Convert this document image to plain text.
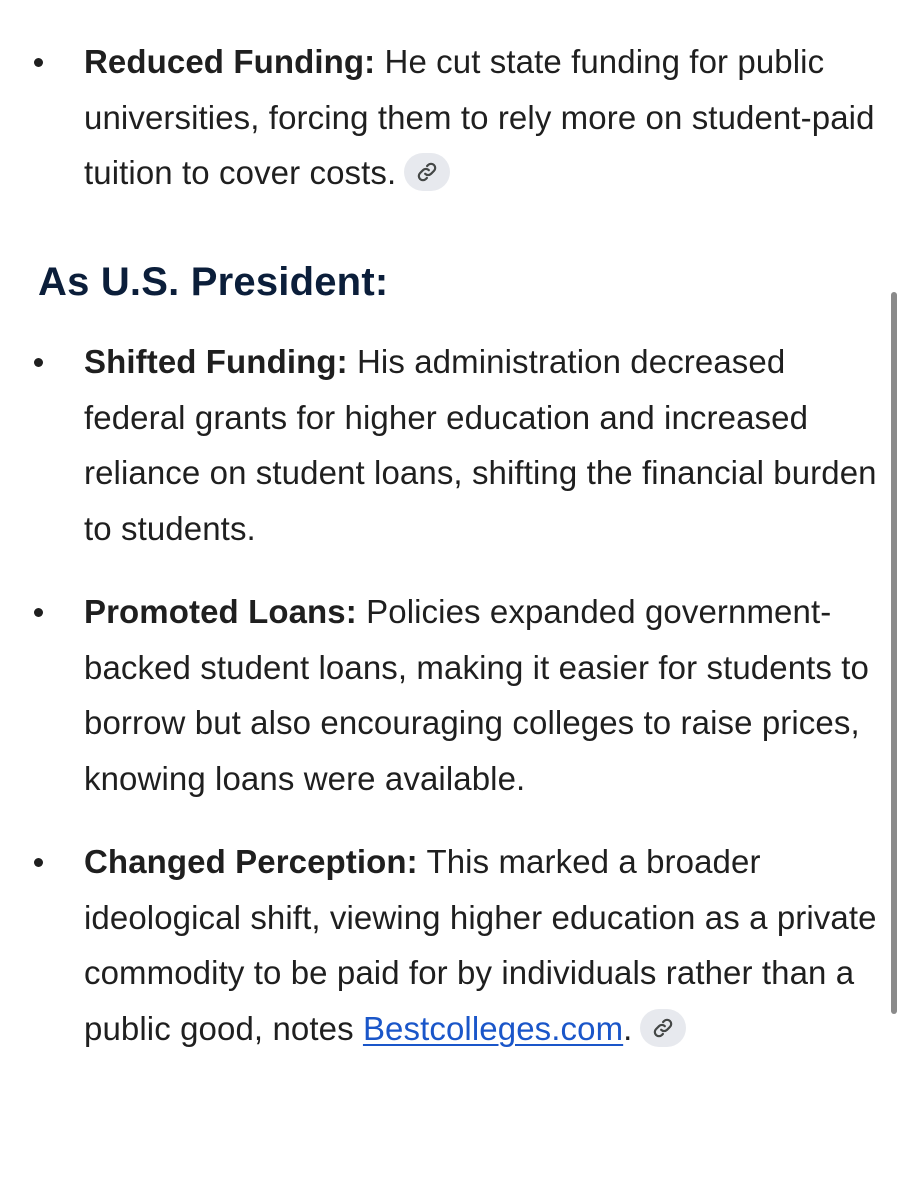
Reduced Funding: He cut state funding for public universities, forcing them to rely more on student-paid tuition to cover costs.
As U.S. President:
Shifted Funding: His administration decreased federal grants for higher education and increased reliance on student loans, shifting the financial burden to students.
Promoted Loans: Policies expanded government-backed student loans, making it easier for students to borrow but also encouraging colleges to raise prices, knowing loans were available.
Changed Perception: This marked a broader ideological shift, viewing higher education as a private commodity to be paid for by individuals rather than a public good, notes Bestcolleges.com.
